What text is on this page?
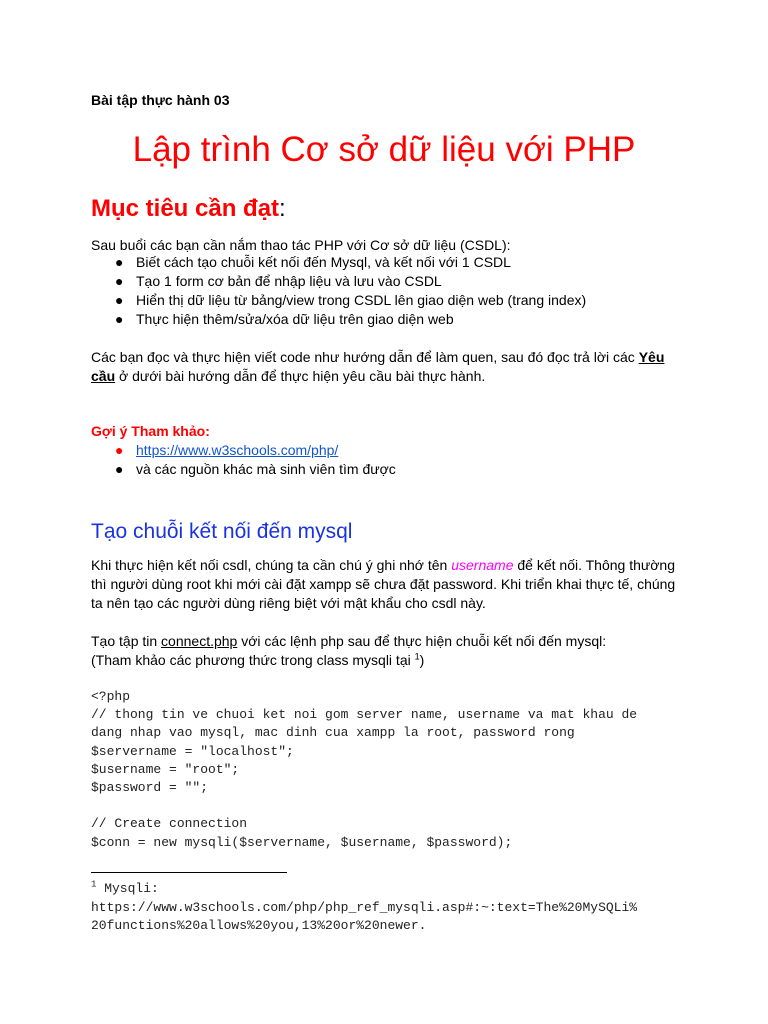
Bài tập thực hành 03
Lập trình Cơ sở dữ liệu với PHP
Mục tiêu cần đạt:
Sau buổi các bạn cần nắm thao tác PHP với Cơ sở dữ liệu (CSDL):
● Biết cách tạo chuỗi kết nối đến Mysql, và kết nối với 1 CSDL
● Tạo 1 form cơ bản để nhập liệu và lưu vào CSDL
● Hiển thị dữ liệu từ bảng/view trong CSDL lên giao diện web (trang index)
● Thực hiện thêm/sửa/xóa dữ liệu trên giao diện web
Các bạn đọc và thực hiện viết code như hướng dẫn để làm quen, sau đó đọc trả lời các Yêu
cầu ở dưới bài hướng dẫn để thực hiện yêu cầu bài thực hành.
Gợi ý Tham khảo:
● https://www.w3schools.com/php/
● và các nguồn khác mà sinh viên tìm được
Tạo chuỗi kết nối đến mysql
Khi thực hiện kết nối csdl, chúng ta cần chú ý ghi nhớ tên username để kết nối. Thông thường
thì người dùng root khi mới cài đặt xampp sẽ chưa đặt password. Khi triển khai thực tế, chúng
ta nên tạo các người dùng riêng biệt với mật khẩu cho csdl này.
Tạo tập tin connect.php với các lệnh php sau để thực hiện chuỗi kết nối đến mysql:
(Tham khảo các phương thức trong class mysqli tại $^1$)
<?php
// thong tin ve chuoi ket noi gom server name, username va mat khau de
dang nhap vao mysql, mac dinh cua xampp la root, password rong
$servername = "localhost";
$username = "root";
$password = "";

// Create connection
$conn = new mysqli($servername, $username, $password);
$^1$ Mysqli:
https://www.w3schools.com/php/php_ref_mysqli.asp#:~:text=The%20MySQLi%
20functions%20allows%20you,13%20or%20newer.
